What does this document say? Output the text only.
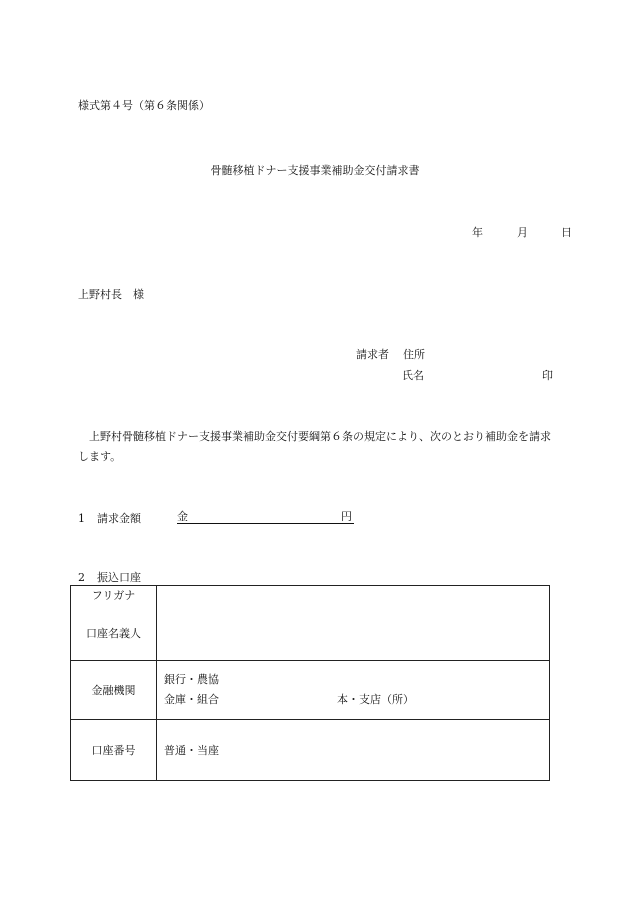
様式第４号（第６条関係）
骨髄移植ドナー支援事業補助金交付請求書
年	月	日
上野村長　様
請求者 住所
氏名	印
上野村骨髄移植ドナー支援事業補助金交付要綱第６条の規定により、次のとおり補助金を請求します。
1 請求金額	金	円
2 振込口座
フリガナ
口座名義人	

金融機関	銀行・農協
金庫・組合 本・支店（所）

口座番号	普通・当座
